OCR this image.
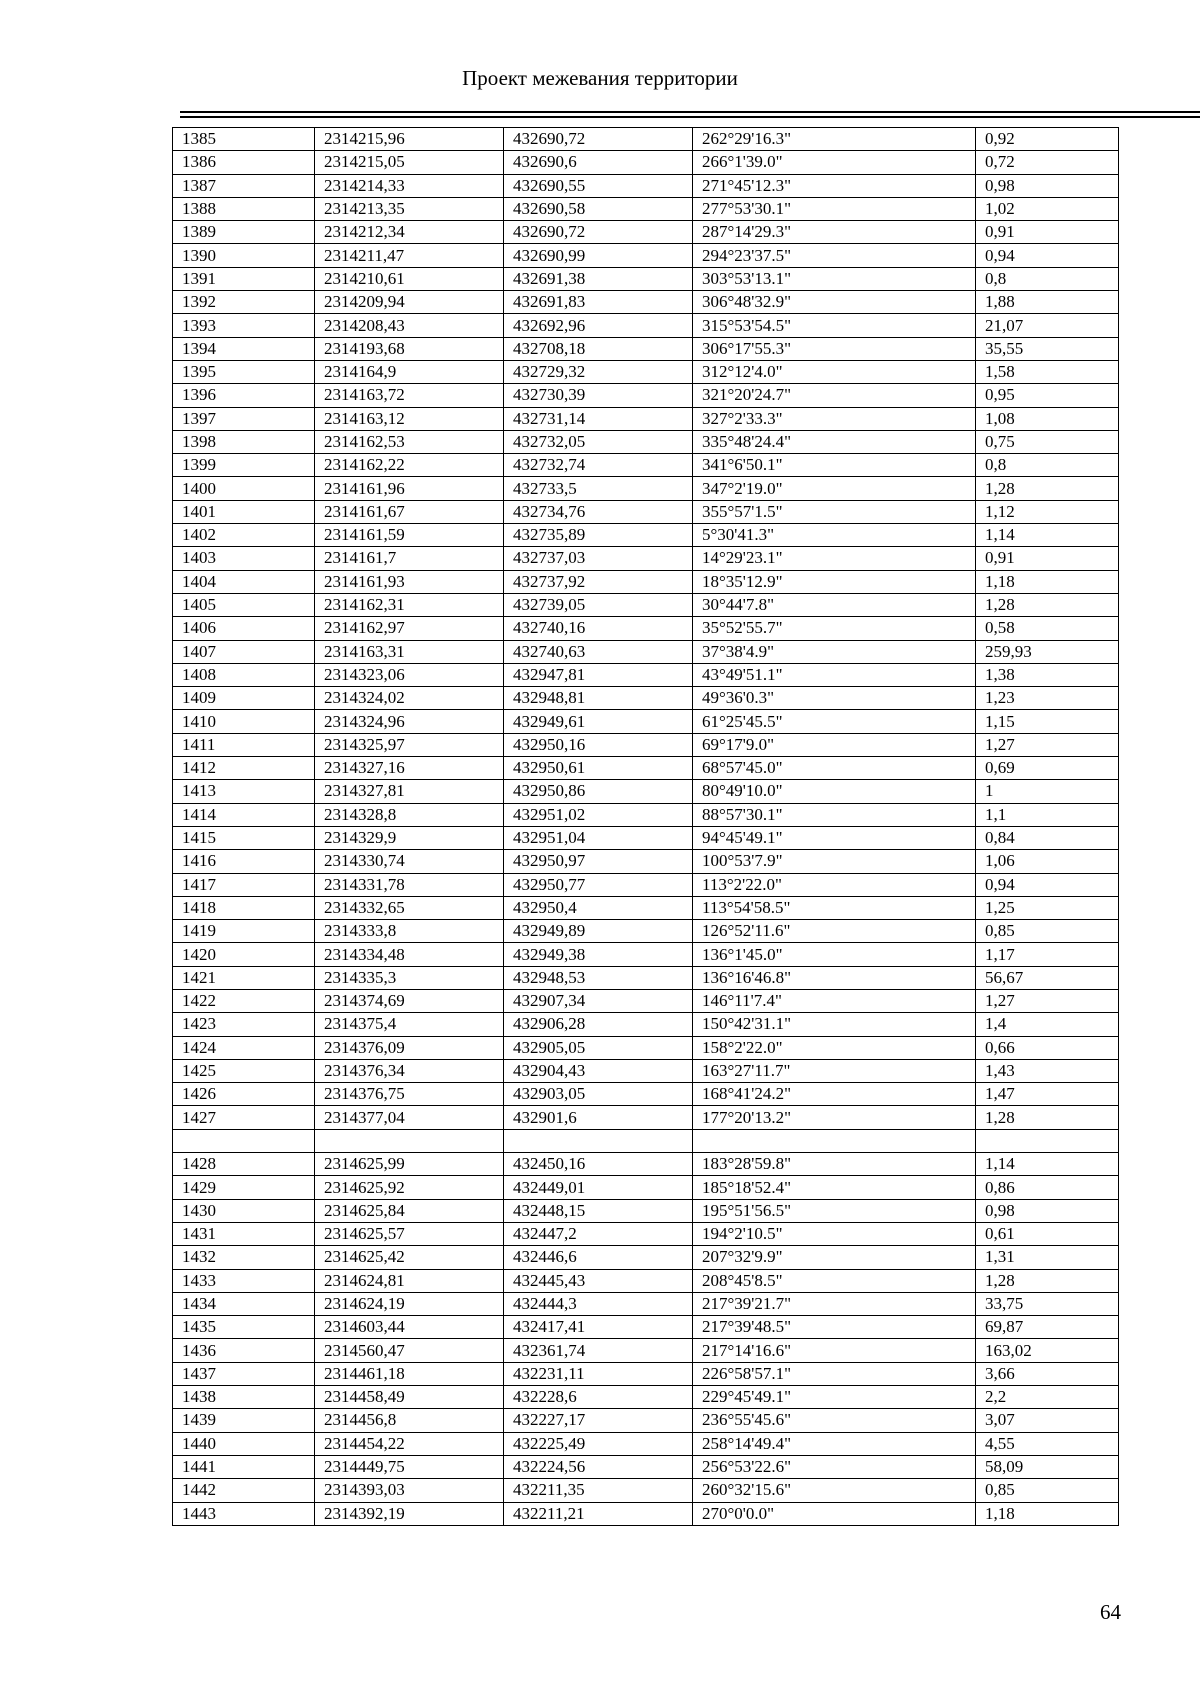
Проект межевания территории
1385	2314215,96	432690,72	262°29'16.3"	0,92
1386	2314215,05	432690,6	266°1'39.0"	0,72
1387	2314214,33	432690,55	271°45'12.3"	0,98
1388	2314213,35	432690,58	277°53'30.1"	1,02
1389	2314212,34	432690,72	287°14'29.3"	0,91
1390	2314211,47	432690,99	294°23'37.5"	0,94
1391	2314210,61	432691,38	303°53'13.1"	0,8
1392	2314209,94	432691,83	306°48'32.9"	1,88
1393	2314208,43	432692,96	315°53'54.5"	21,07
1394	2314193,68	432708,18	306°17'55.3"	35,55
1395	2314164,9	432729,32	312°12'4.0"	1,58
1396	2314163,72	432730,39	321°20'24.7"	0,95
1397	2314163,12	432731,14	327°2'33.3"	1,08
1398	2314162,53	432732,05	335°48'24.4"	0,75
1399	2314162,22	432732,74	341°6'50.1"	0,8
1400	2314161,96	432733,5	347°2'19.0"	1,28
1401	2314161,67	432734,76	355°57'1.5"	1,12
1402	2314161,59	432735,89	5°30'41.3"	1,14
1403	2314161,7	432737,03	14°29'23.1"	0,91
1404	2314161,93	432737,92	18°35'12.9"	1,18
1405	2314162,31	432739,05	30°44'7.8"	1,28
1406	2314162,97	432740,16	35°52'55.7"	0,58
1407	2314163,31	432740,63	37°38'4.9"	259,93
1408	2314323,06	432947,81	43°49'51.1"	1,38
1409	2314324,02	432948,81	49°36'0.3"	1,23
1410	2314324,96	432949,61	61°25'45.5"	1,15
1411	2314325,97	432950,16	69°17'9.0"	1,27
1412	2314327,16	432950,61	68°57'45.0"	0,69
1413	2314327,81	432950,86	80°49'10.0"	1
1414	2314328,8	432951,02	88°57'30.1"	1,1
1415	2314329,9	432951,04	94°45'49.1"	0,84
1416	2314330,74	432950,97	100°53'7.9"	1,06
1417	2314331,78	432950,77	113°2'22.0"	0,94
1418	2314332,65	432950,4	113°54'58.5"	1,25
1419	2314333,8	432949,89	126°52'11.6"	0,85
1420	2314334,48	432949,38	136°1'45.0"	1,17
1421	2314335,3	432948,53	136°16'46.8"	56,67
1422	2314374,69	432907,34	146°11'7.4"	1,27
1423	2314375,4	432906,28	150°42'31.1"	1,4
1424	2314376,09	432905,05	158°2'22.0"	0,66
1425	2314376,34	432904,43	163°27'11.7"	1,43
1426	2314376,75	432903,05	168°41'24.2"	1,47
1427	2314377,04	432901,6	177°20'13.2"	1,28

1428	2314625,99	432450,16	183°28'59.8"	1,14
1429	2314625,92	432449,01	185°18'52.4"	0,86
1430	2314625,84	432448,15	195°51'56.5"	0,98
1431	2314625,57	432447,2	194°2'10.5"	0,61
1432	2314625,42	432446,6	207°32'9.9"	1,31
1433	2314624,81	432445,43	208°45'8.5"	1,28
1434	2314624,19	432444,3	217°39'21.7"	33,75
1435	2314603,44	432417,41	217°39'48.5"	69,87
1436	2314560,47	432361,74	217°14'16.6"	163,02
1437	2314461,18	432231,11	226°58'57.1"	3,66
1438	2314458,49	432228,6	229°45'49.1"	2,2
1439	2314456,8	432227,17	236°55'45.6"	3,07
1440	2314454,22	432225,49	258°14'49.4"	4,55
1441	2314449,75	432224,56	256°53'22.6"	58,09
1442	2314393,03	432211,35	260°32'15.6"	0,85
1443	2314392,19	432211,21	270°0'0.0"	1,18
64
